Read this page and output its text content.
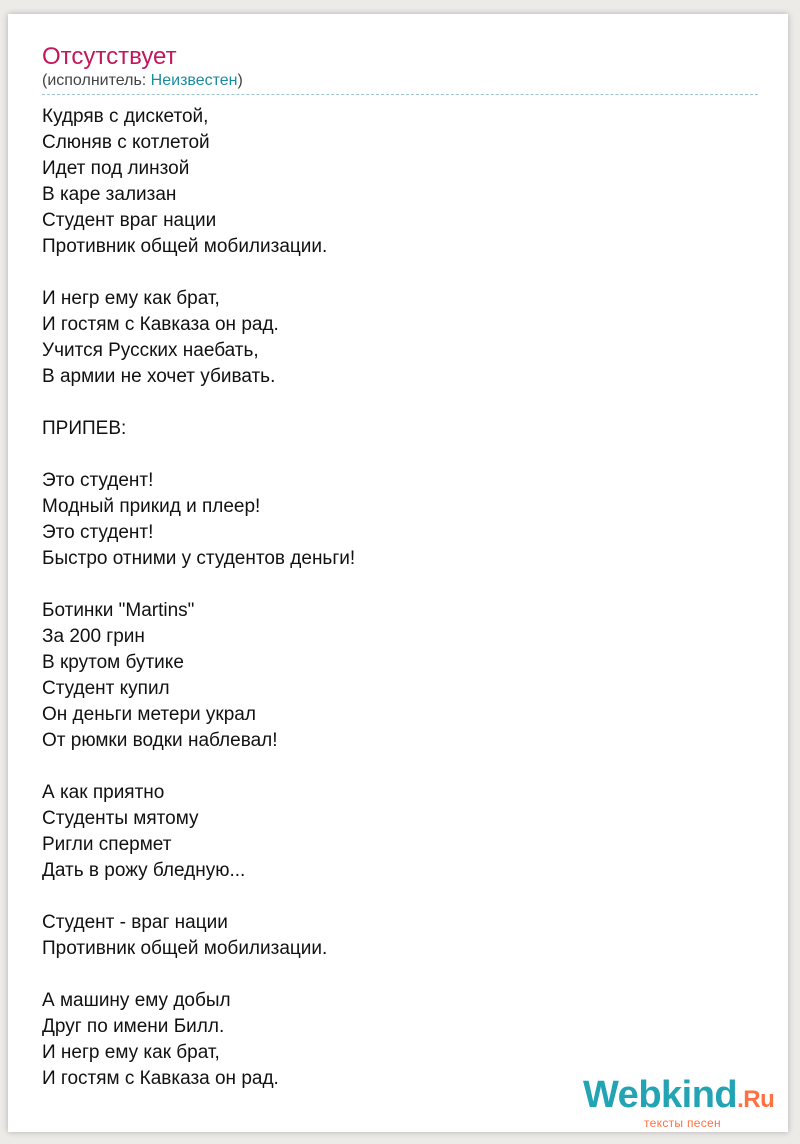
Отсутствует
(исполнитель: Неизвестен)
Кудряв с дискетой,
Слюняв с котлетой
Идет под линзой
В каре зализан
Студент враг нации
Противник общей мобилизации.

И негр ему как брат,
И гостям с Кавказа он рад.
Учится Русских наебать,
В армии не хочет убивать.

ПРИПЕВ:

Это студент!
Модный прикид и плеер!
Это студент!
Быстро отними у студентов деньги!

Ботинки "Martins"
За 200 грин
В крутом бутике
Студент купил
Он деньги метери украл
От рюмки водки наблевал!

А как приятно
Студенты мятому
Ригли спермет
Дать в рожу бледную...

Студент - враг нации
Противник общей мобилизации.

А машину ему добыл
Друг по имени Билл.
И негр ему как брат,
И гостям с Кавказа он рад.	Webkind.Ru
тексты песен
